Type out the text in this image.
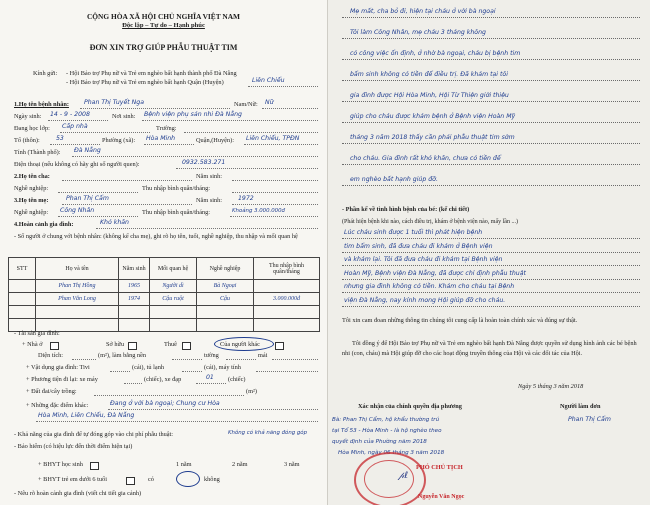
CỘNG HÒA XÃ HỘI CHỦ NGHĨA VIỆT NAM
Độc lập – Tự do – Hạnh phúc
ĐƠN XIN TRỢ GIÚP PHẪU THUẬT TIM
Kính gửi: - Hội Bảo trợ Phụ nữ và Trẻ em nghèo bất hạnh thành phố Đà Nẵng
- Hội Bảo trợ Phụ nữ và Trẻ em nghèo bất hạnh Quận (Huyện)	Liên Chiểu
1.Họ tên bệnh nhân: Phan Thị Tuyết Nga	Nam/Nữ: Nữ
Ngày sinh: 14 - 9 - 2008	Nơi sinh: Bệnh viện phụ sản nhi Đà Nẵng
Đang học lớp: Cấp nhà	Trường:
Tổ (thôn):	53	Phường (xã): Hòa Minh	Quận,(Huyện): Liên Chiểu, TPĐN
Tỉnh (Thành phố): Đà Nẵng
Điện thoại (nếu không có hãy ghi số người quen):	0932.583.271
2.Họ tên cha:	Năm sinh:
Nghề nghiệp:	Thu nhập bình quân/tháng:
3.Họ tên mẹ:	Phan Thị Cẩm	Năm sinh:	1972
Nghề nghiệp: Công Nhân	Thu nhập bình quân/tháng:	Khoảng 3.000.000đ
4.Hoàn cảnh gia đình:	Khó khăn
- Số người ở chung với bệnh nhân: (không kể cha mẹ), ghi rõ họ tên, tuổi, nghề nghiệp, thu nhập và mối quan hệ
STT	Họ và tên	Năm sinh	Mối quan hệ	Nghề nghiệp	Thu nhập bình quân/tháng
	Phan Thị Hồng	1965	Người dì	Bà Ngoại	
	Phan Văn Long	1974	Cậu ruột	Cậu	3.000.000đ

- Tài sản gia đình:
+ Nhà ở	Sở hữu	Thuê	Của người khác
Diện tích:	(m²), làm bằng nền	tường	mái
+ Vật dụng gia đình: Tivi	(cái), tủ lạnh	(cái), máy tính
+ Phương tiện đi lại: xe máy	(chiếc), xe đạp	01 (chiếc)
+ Đất đai/cây trồng:	(m²)
+ Những đặc điểm khác:	Đang ở với bà ngoại; Chung cư Hòa
Hòa Minh, Liên Chiểu, Đà Nẵng
- Khả năng của gia đình để tự đóng góp vào chi phí phẫu thuật:	Không có khả năng đóng góp
- Bảo hiểm (có hiệu lực đến thời điểm hiện tại)
+ BHYT học sinh	1 năm	2 năm	3 năm
+ BHYT trẻ em dưới 6 tuổi	có	không
- Nêu rõ hoàn cảnh gia đình (viết chi tiết gia cảnh)
Mẹ mất, cha bỏ đi, hiện tại cháu ở với bà ngoại
Tôi làm Công Nhân, mẹ cháu 3 tháng không
có công việc ổn định, ở nhờ bà ngoại, cháu bị bệnh tim
bẩm sinh không có tiền để điều trị. Đã khám tại tôi
gia đình được Hội Hòa Minh, Hội Từ Thiện giới thiệu
giúp cho cháu được khám bệnh ở Bệnh viện Hoàn Mỹ
tháng 3 năm 2018 thấy cần phải phẫu thuật tim sớm
cho cháu. Gia đình rất khó khăn, chưa có tiền để
em nghèo bất hạnh giúp đỡ.
- Phần kể về tình hình bệnh của bé: (kể chi tiết)
(Phát hiện bệnh khi nào, cách điều trị, khám ở bệnh viện nào, mấy lần ...)
Lúc cháu sinh được 1 tuổi thì phát hiện bệnh
tim bẩm sinh, đã đưa cháu đi khám ở Bệnh viện
và khám lại. Tôi đã đưa cháu đi khám tại Bệnh viện
Hoàn Mỹ, Bệnh viện Đà Nẵng, đã được chỉ định phẫu thuật
nhưng gia đình không có tiền. Khám cho cháu tại Bệnh
viện Đà Nẵng, nay kính mong Hội giúp đỡ cho cháu.
Tôi xin cam đoan những thông tin chúng tôi cung cấp là hoàn toàn chính xác và đúng sự thật.
Tôi đồng ý để Hội Bảo trợ Phụ nữ và Trẻ em nghèo bất hạnh Đà Nẵng được quyền sử dụng hình ảnh các bé bệnh nhi (con, cháu) mà Hội giúp đỡ cho các hoạt động truyền thông của Hội và các đối tác của Hội.
Ngày 5 tháng 3 năm 2018
Xác nhận của chính quyền địa phương	Người làm đơn
Phan Thị Cẩm
Bà: Phan Thị Cẩm, hộ khẩu thường trú
tại Tổ 53 - Hòa Minh - là hộ nghèo theo
quyết định của Phường năm 2018
Hòa Minh, ngày 06 tháng 3 năm 2018
PHÓ CHỦ TỊCH
𝓅ℓ
Nguyễn Văn Ngọc
